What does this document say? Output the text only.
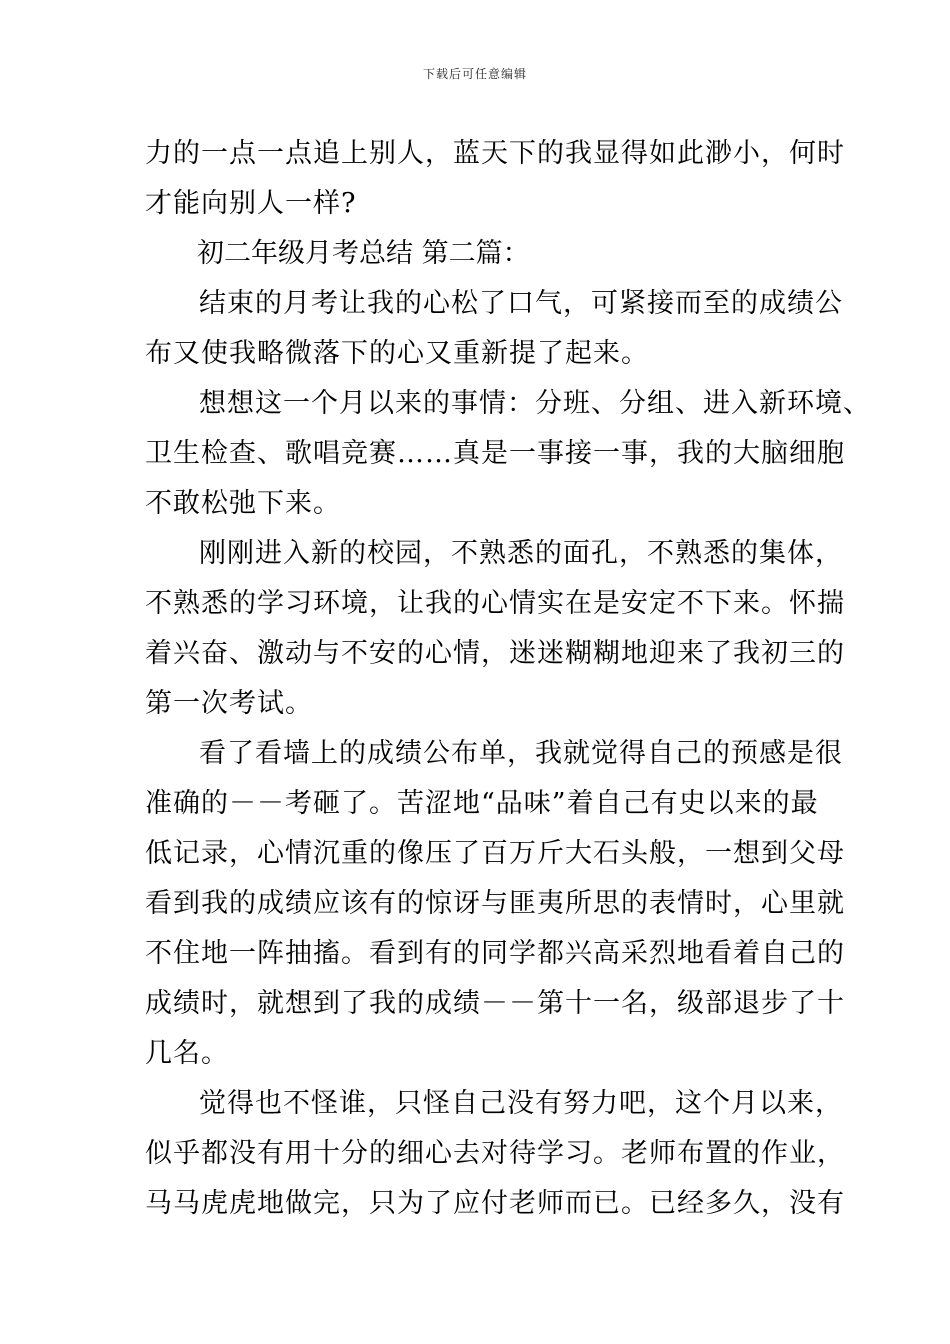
下载后可任意编辑
力的一点一点追上别人，蓝天下的我显得如此渺小，何时
才能向别人一样?
初二年级月考总结 第二篇：
结束的月考让我的心松了口气，可紧接而至的成绩公
布又使我略微落下的心又重新提了起来。
想想这一个月以来的事情：分班、分组、进入新环境、
卫生检查、歌唱竞赛……真是一事接一事，我的大脑细胞
不敢松弛下来。
刚刚进入新的校园，不熟悉的面孔，不熟悉的集体，
不熟悉的学习环境，让我的心情实在是安定不下来。怀揣
着兴奋、激动与不安的心情，迷迷糊糊地迎来了我初三的
第一次考试。
看了看墙上的成绩公布单，我就觉得自己的预感是很
准确的－－考砸了。苦涩地“品味”着自己有史以来的最
低记录，心情沉重的像压了百万斤大石头般，一想到父母
看到我的成绩应该有的惊讶与匪夷所思的表情时，心里就
不住地一阵抽搐。看到有的同学都兴高采烈地看着自己的
成绩时，就想到了我的成绩－－第十一名，级部退步了十
几名。
觉得也不怪谁，只怪自己没有努力吧，这个月以来，
似乎都没有用十分的细心去对待学习。老师布置的作业，
马马虎虎地做完，只为了应付老师而已。已经多久，没有
